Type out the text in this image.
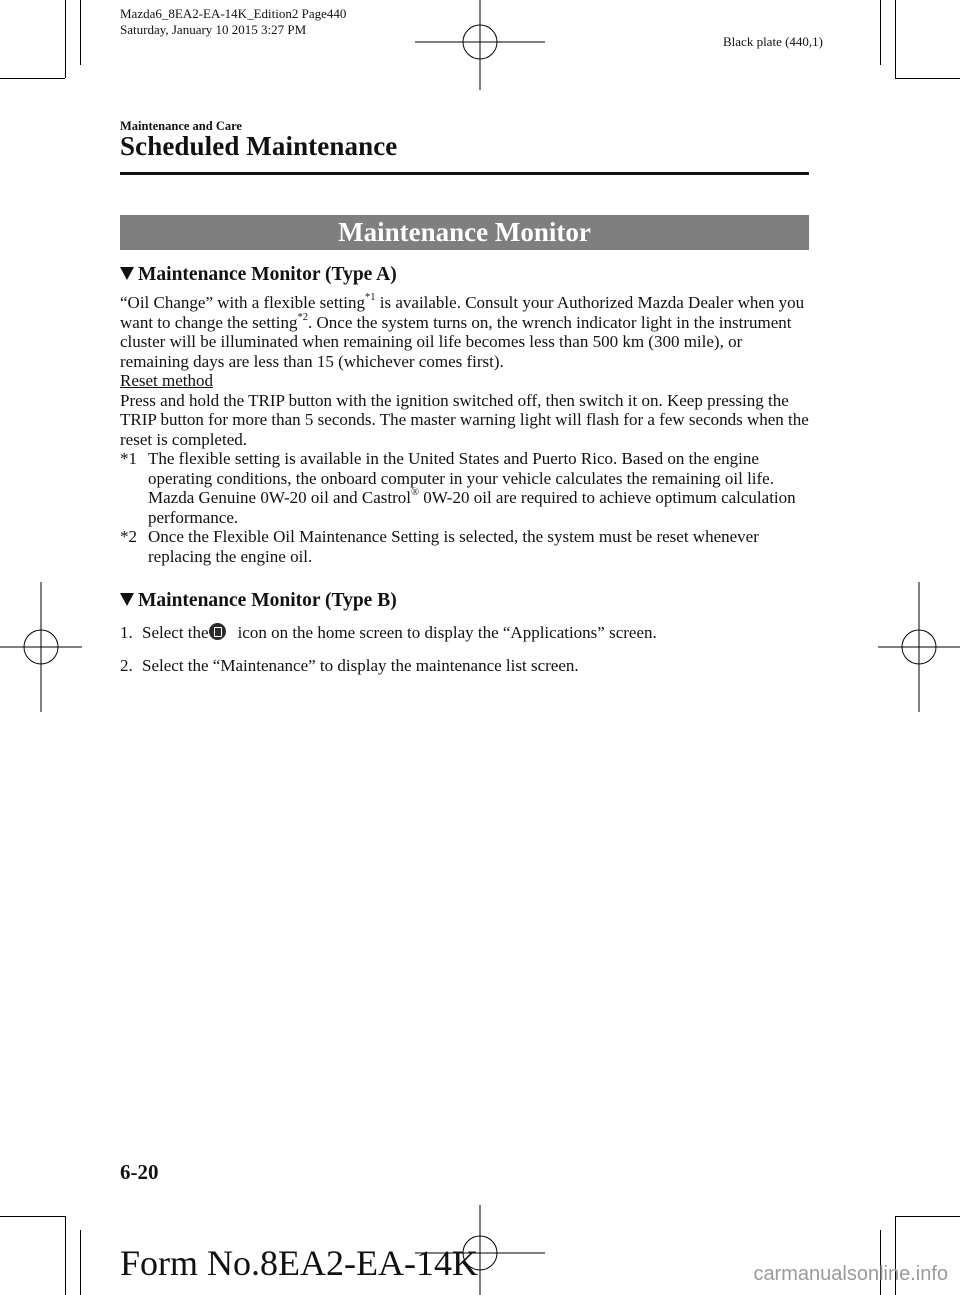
Mazda6_8EA2-EA-14K_Edition2 Page440
Saturday, January 10 2015 3:27 PM
Black plate (440,1)
Maintenance and Care
Scheduled Maintenance
Maintenance Monitor
Maintenance Monitor (Type A)

“Oil Change” with a flexible setting$^{*1}$ is available. Consult your Authorized Mazda Dealer when you want to change the setting$^{*2}$. Once the system turns on, the wrench indicator light in the instrument cluster will be illuminated when remaining oil life becomes less than 500 km (300 mile), or remaining days are less than 15 (whichever comes first).

Reset method

Press and hold the TRIP button with the ignition switched off, then switch it on. Keep pressing the TRIP button for more than 5 seconds. The master warning light will flash for a few seconds when the reset is completed.

*1 The flexible setting is available in the United States and Puerto Rico. Based on the engine operating conditions, the onboard computer in your vehicle calculates the remaining oil life. Mazda Genuine 0W-20 oil and Castrol® 0W-20 oil are required to achieve optimum calculation performance.
*2 Once the Flexible Oil Maintenance Setting is selected, the system must be reset whenever replacing the engine oil.
Maintenance Monitor (Type B)
1. Select the icon on the home screen to display the “Applications” screen.
2. Select the “Maintenance” to display the maintenance list screen.
6-20
Form No.8EA2-EA-14K	carmanualsonline.info
